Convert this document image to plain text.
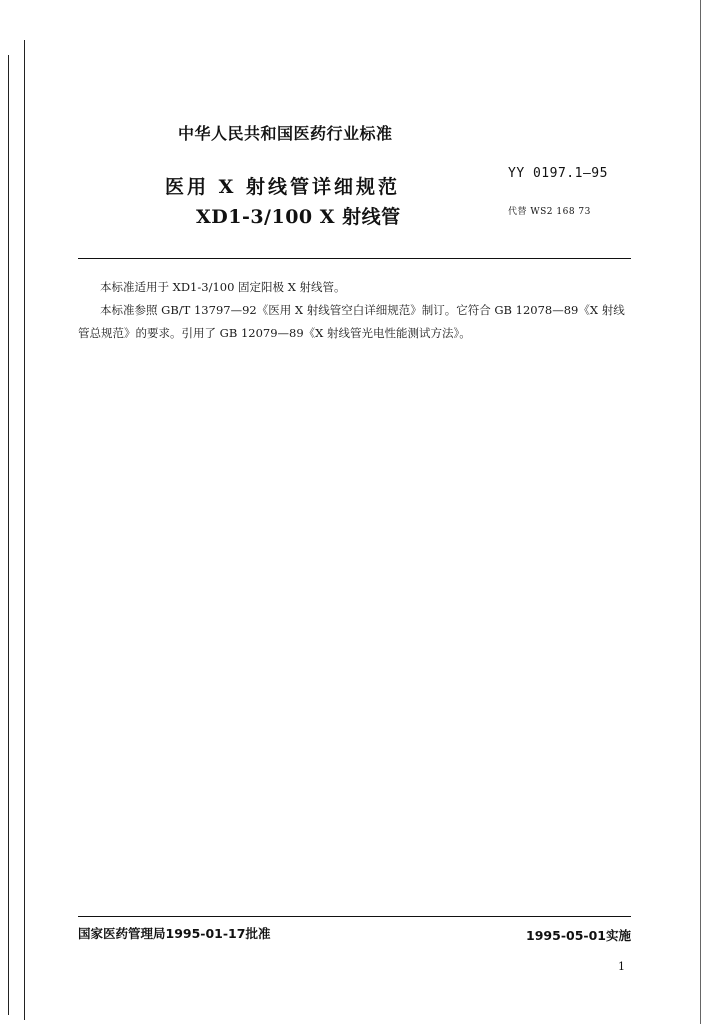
中华人民共和国医药行业标准
医用 X 射线管详细规范
XD1-3/100 X 射线管
YY 0197.1—95
代替 WS2 168 73

本标准适用于 XD1-3/100 固定阳极 X 射线管。

本标准参照 GB/T 13797—92《医用 X 射线管空白详细规范》制订。它符合 GB 12078—89《X 射线管总规范》的要求。引用了 GB 12079—89《X 射线管光电性能测试方法》。

国家医药管理局1995-01-17批准	1995-05-01实施
1
